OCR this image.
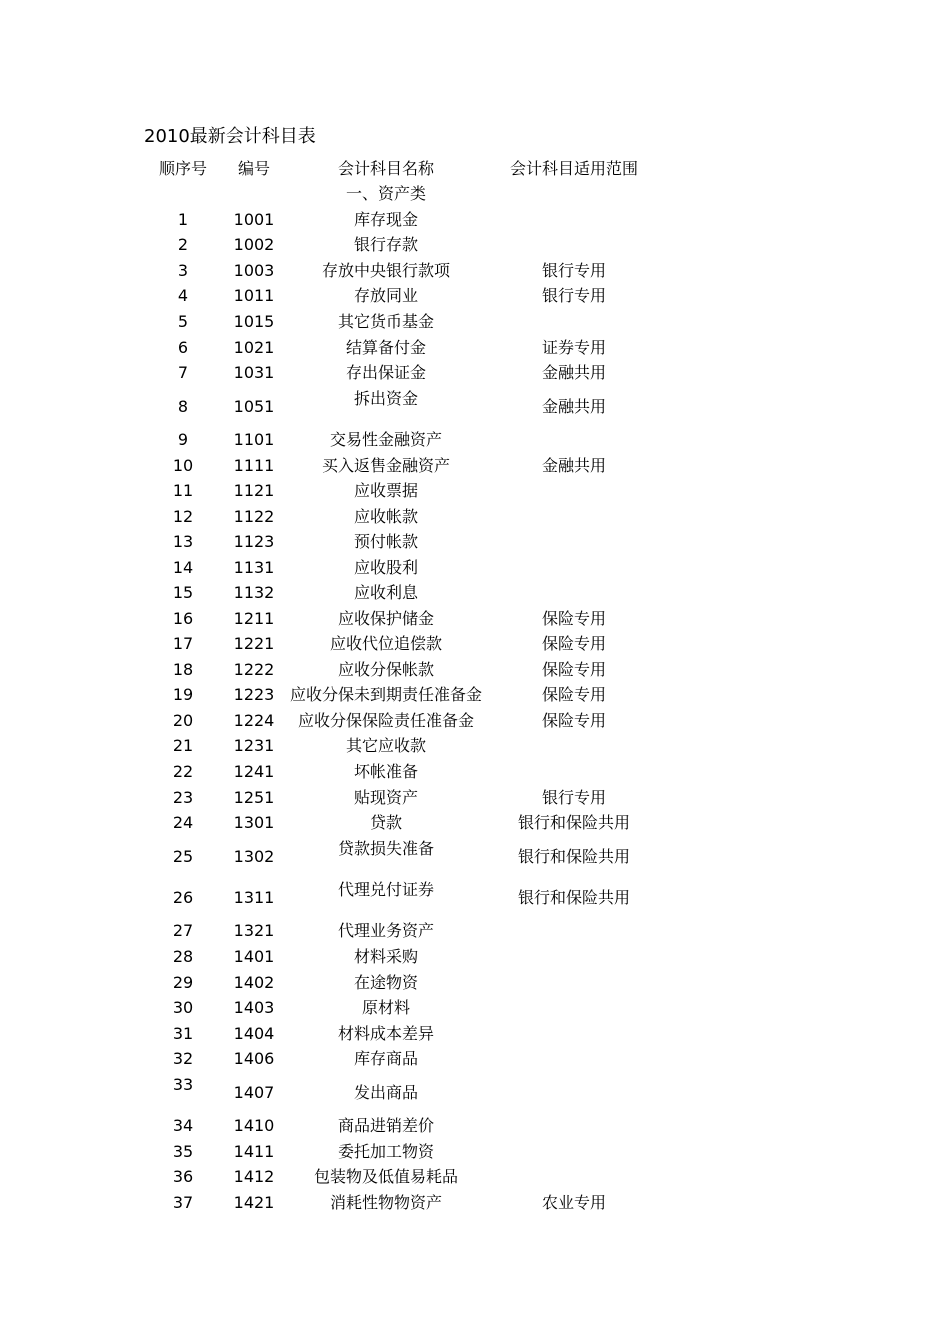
2010最新会计科目表
顺序号	编号	会计科目名称	会计科目适用范围
一、资产类
1	1001	库存现金
2	1002	银行存款
3	1003	存放中央银行款项	银行专用
4	1011	存放同业	银行专用
5	1015	其它货币基金
6	1021	结算备付金	证券专用
7	1031	存出保证金	金融共用
8	1051	拆出资金	金融共用
9	1101	交易性金融资产
10	1111	买入返售金融资产	金融共用
11	1121	应收票据
12	1122	应收帐款
13	1123	预付帐款
14	1131	应收股利
15	1132	应收利息
16	1211	应收保护储金	保险专用
17	1221	应收代位追偿款	保险专用
18	1222	应收分保帐款	保险专用
19	1223 应收分保未到期责任准备金	保险专用
20	1224	应收分保保险责任准备金	保险专用
21	1231	其它应收款
22	1241	坏帐准备
23	1251	贴现资产	银行专用
24	1301	贷款	银行和保险共用
25	1302	贷款损失准备	银行和保险共用
26	1311	代理兑付证券	银行和保险共用
27	1321	代理业务资产
28	1401	材料采购
29	1402	在途物资
30	1403	原材料
31	1404	材料成本差异
32	1406	库存商品
33	1407	发出商品
34	1410	商品进销差价
35	1411	委托加工物资
36	1412	包装物及低值易耗品
37	1421	消耗性物物资产	农业专用
